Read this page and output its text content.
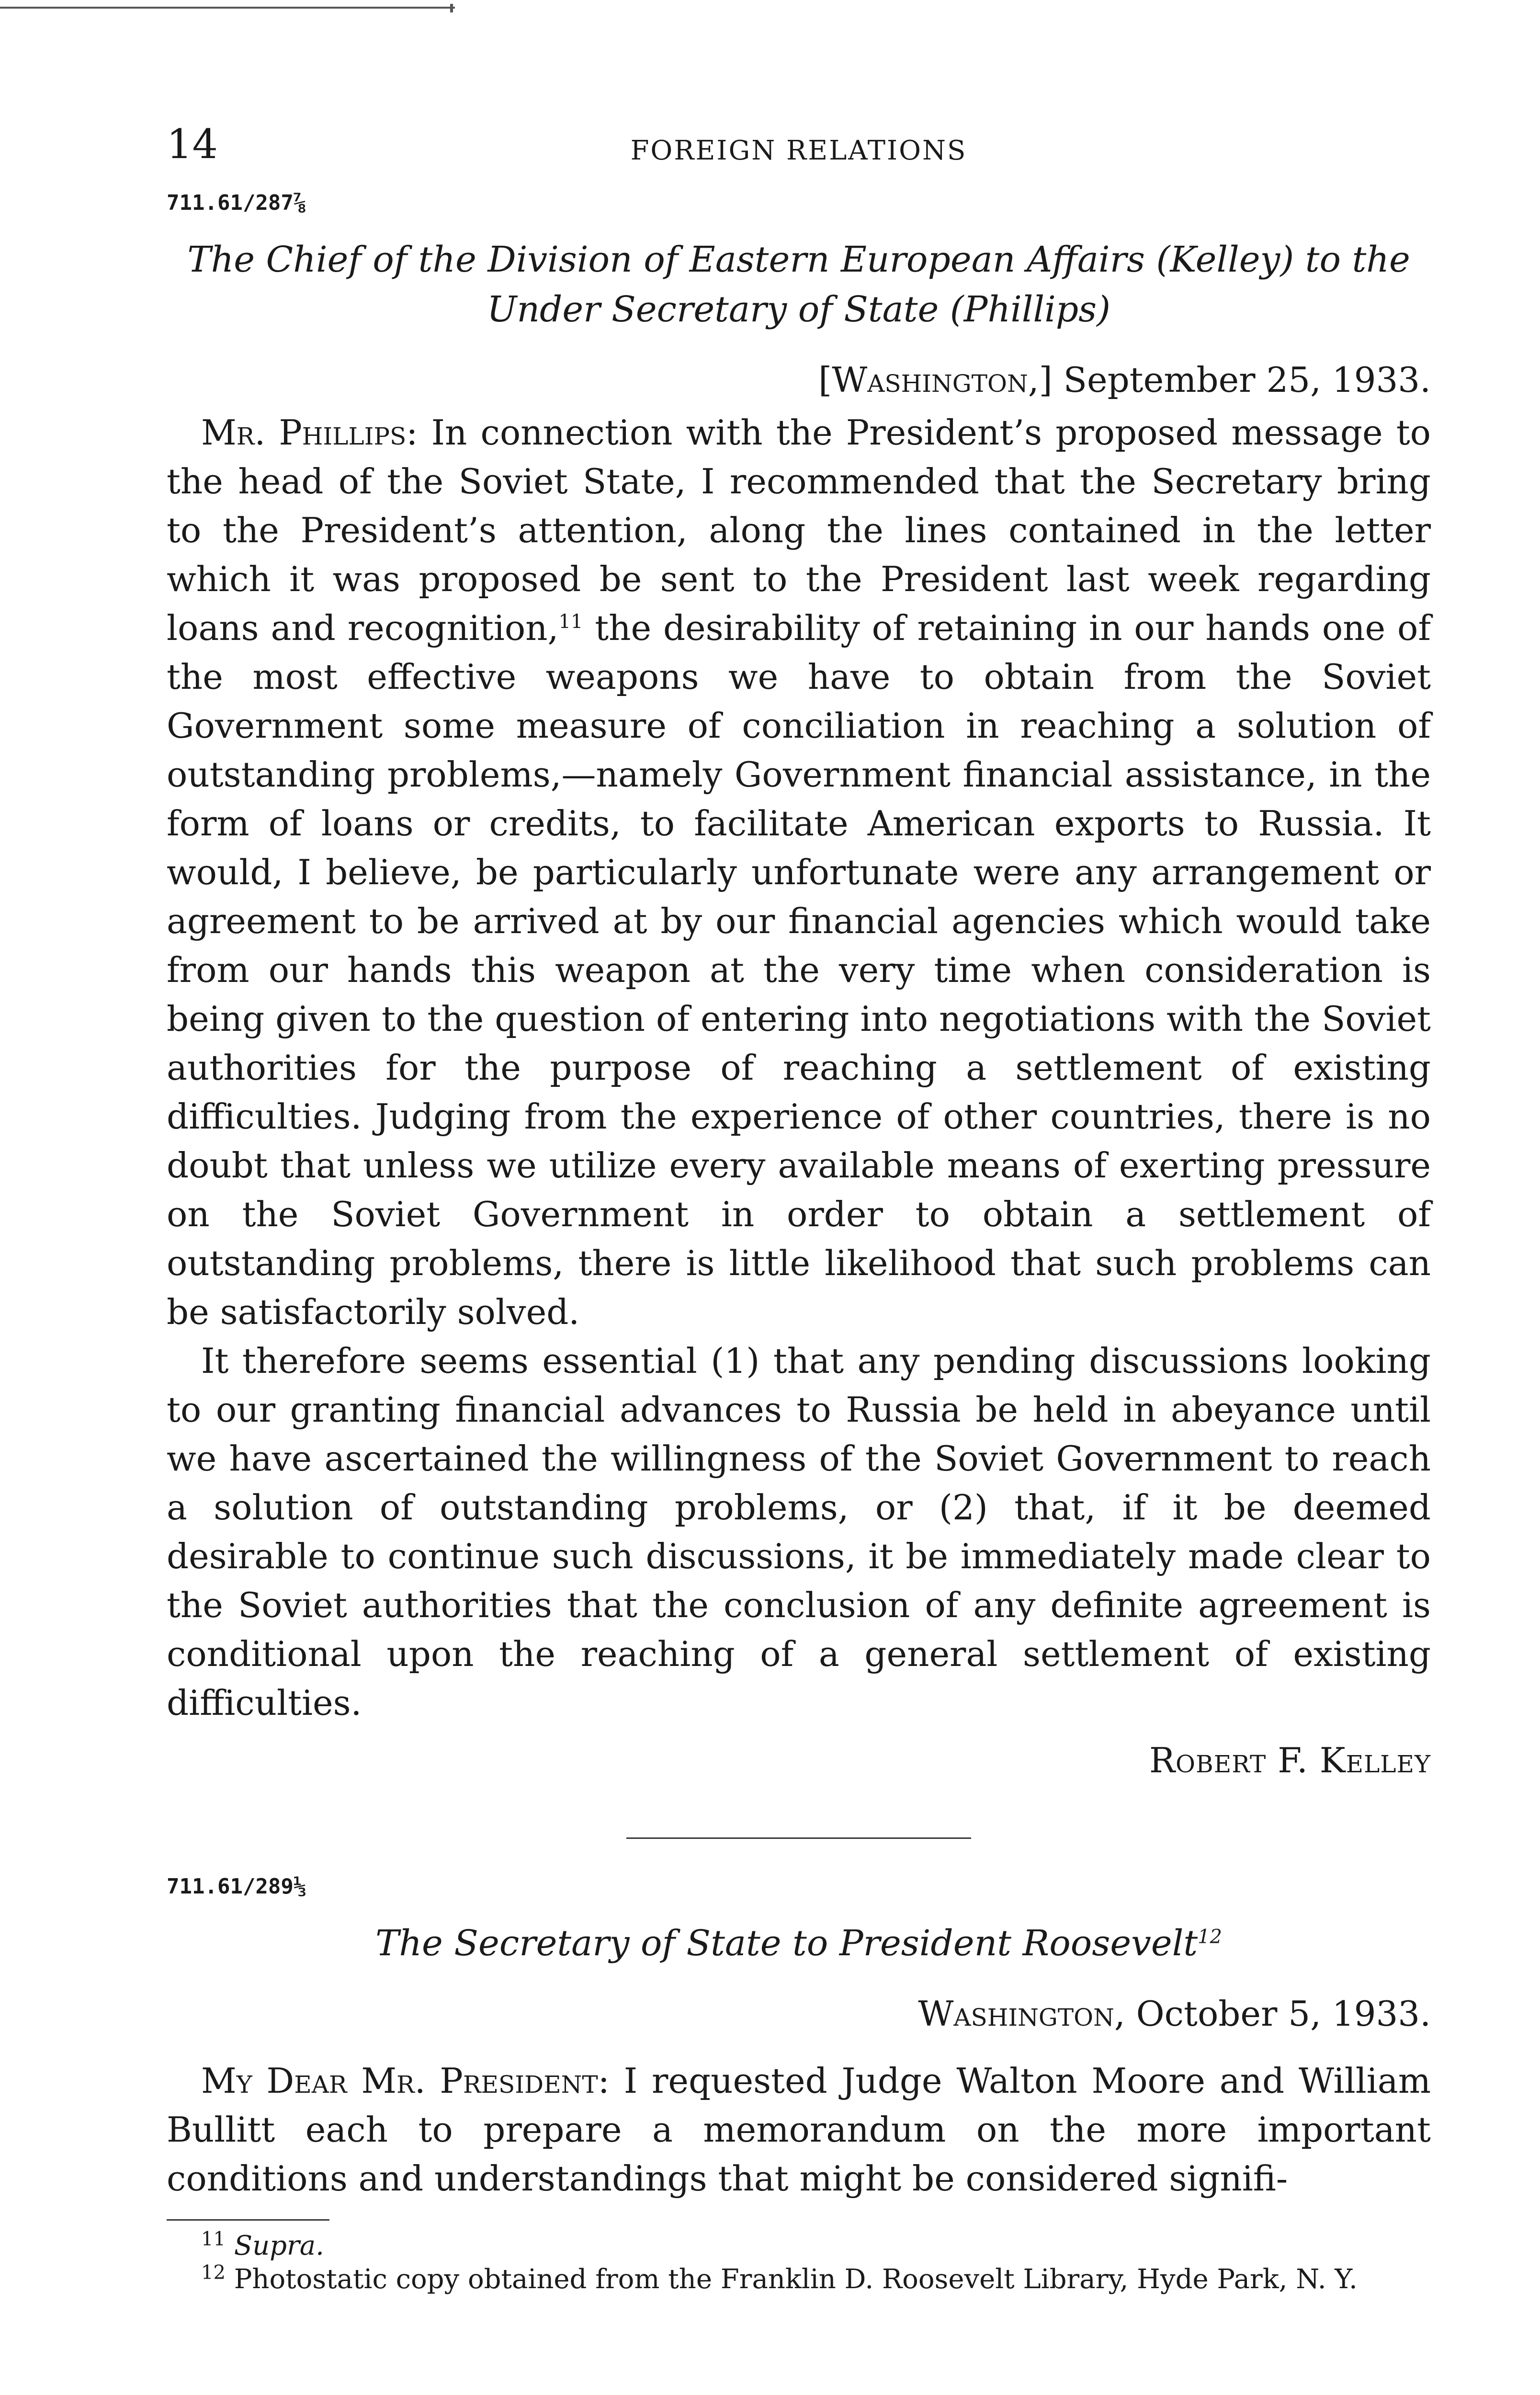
14	FOREIGN RELATIONS
711.61/287⅞
The Chief of the Division of Eastern European Affairs (Kelley) to the Under Secretary of State (Phillips)
[Washington,] September 25, 1933.

Mr. Phillips: In connection with the President’s proposed message to the head of the Soviet State, I recommended that the Secretary bring to the President’s attention, along the lines contained in the letter which it was proposed be sent to the President last week regarding loans and recognition,$^{11}$ the desirability of retaining in our hands one of the most effective weapons we have to obtain from the Soviet Government some measure of conciliation in reaching a solution of outstanding problems,—namely Government financial assistance, in the form of loans or credits, to facilitate American exports to Russia. It would, I believe, be particularly unfortunate were any arrangement or agreement to be arrived at by our financial agencies which would take from our hands this weapon at the very time when consideration is being given to the question of entering into negotiations with the Soviet authorities for the purpose of reaching a settlement of existing difficulties. Judging from the experience of other countries, there is no doubt that unless we utilize every available means of exerting pressure on the Soviet Government in order to obtain a settlement of outstanding problems, there is little likelihood that such problems can be satisfactorily solved.

It therefore seems essential (1) that any pending discussions looking to our granting financial advances to Russia be held in abeyance until we have ascertained the willingness of the Soviet Government to reach a solution of outstanding problems, or (2) that, if it be deemed desirable to continue such discussions, it be immediately made clear to the Soviet authorities that the conclusion of any definite agreement is conditional upon the reaching of a general settlement of existing difficulties.

Robert F. Kelley
711.61/289⅓
The Secretary of State to President Roosevelt$^{12}$
Washington, October 5, 1933.

My Dear Mr. President: I requested Judge Walton Moore and William Bullitt each to prepare a memorandum on the more important conditions and understandings that might be considered signifi-

$^{11}$ Supra.

$^{12}$ Photostatic copy obtained from the Franklin D. Roosevelt Library, Hyde Park, N. Y.
